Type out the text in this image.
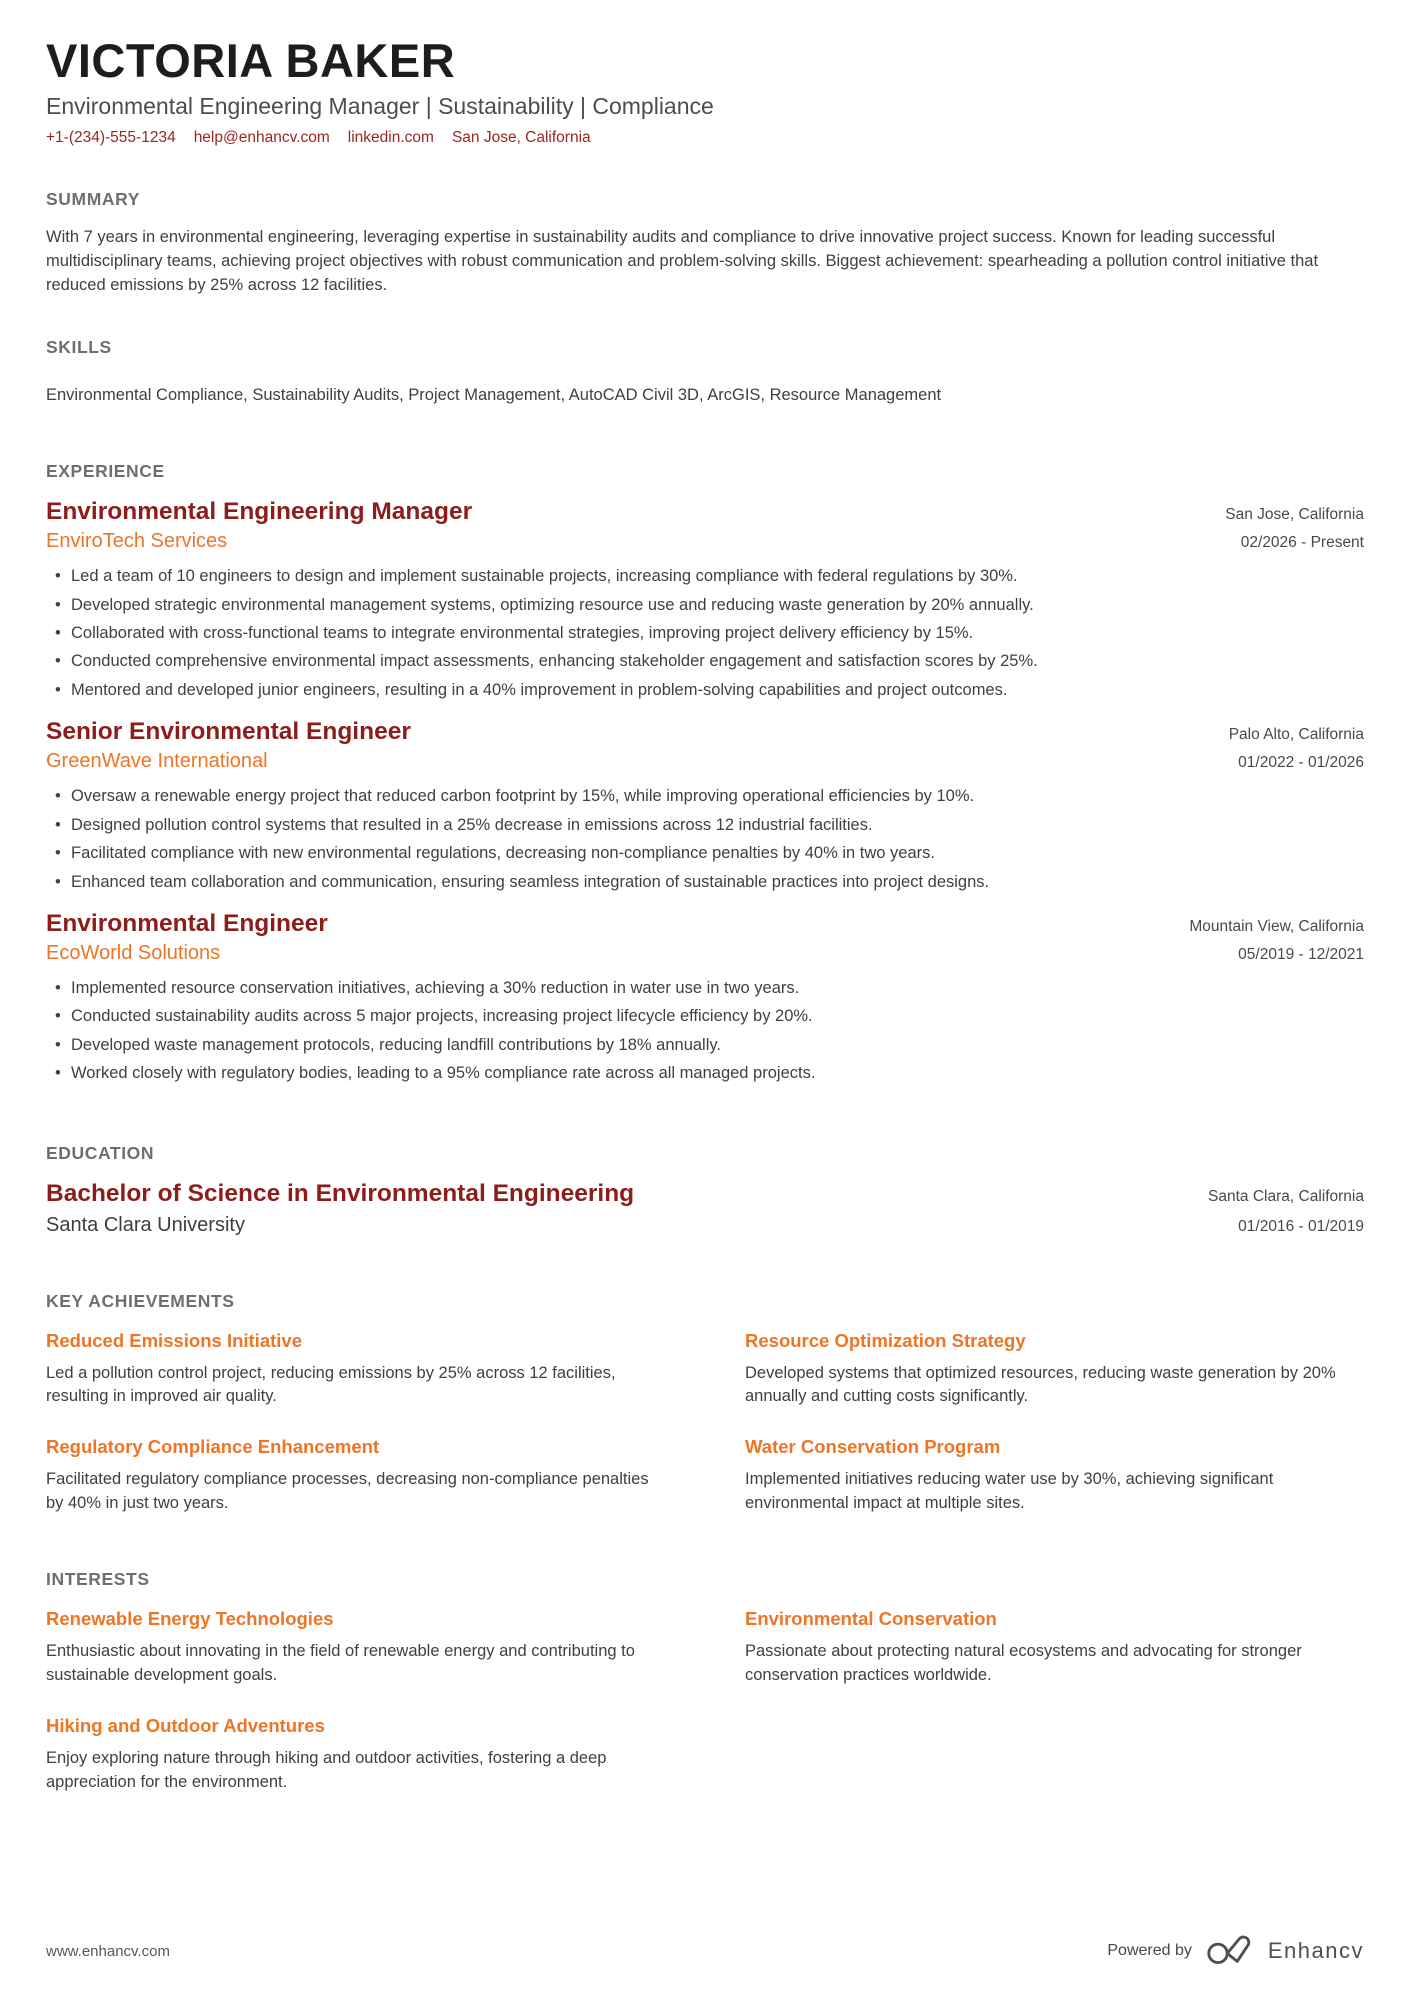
VICTORIA BAKER
Environmental Engineering Manager | Sustainability | Compliance
+1-(234)-555-1234 help@enhancv.com linkedin.com San Jose, California
SUMMARY
With 7 years in environmental engineering, leveraging expertise in sustainability audits and compliance to drive innovative project success. Known for leading successful multidisciplinary teams, achieving project objectives with robust communication and problem-solving skills. Biggest achievement: spearheading a pollution control initiative that reduced emissions by 25% across 12 facilities.
SKILLS
Environmental Compliance, Sustainability Audits, Project Management, AutoCAD Civil 3D, ArcGIS, Resource Management
EXPERIENCE
Environmental Engineering Manager	San Jose, California
EnviroTech Services	02/2026 - Present
• Led a team of 10 engineers to design and implement sustainable projects, increasing compliance with federal regulations by 30%.
• Developed strategic environmental management systems, optimizing resource use and reducing waste generation by 20% annually.
• Collaborated with cross-functional teams to integrate environmental strategies, improving project delivery efficiency by 15%.
• Conducted comprehensive environmental impact assessments, enhancing stakeholder engagement and satisfaction scores by 25%.
• Mentored and developed junior engineers, resulting in a 40% improvement in problem-solving capabilities and project outcomes.
Senior Environmental Engineer	Palo Alto, California
GreenWave International	01/2022 - 01/2026
• Oversaw a renewable energy project that reduced carbon footprint by 15%, while improving operational efficiencies by 10%.
• Designed pollution control systems that resulted in a 25% decrease in emissions across 12 industrial facilities.
• Facilitated compliance with new environmental regulations, decreasing non-compliance penalties by 40% in two years.
• Enhanced team collaboration and communication, ensuring seamless integration of sustainable practices into project designs.
Environmental Engineer	Mountain View, California
EcoWorld Solutions	05/2019 - 12/2021
• Implemented resource conservation initiatives, achieving a 30% reduction in water use in two years.
• Conducted sustainability audits across 5 major projects, increasing project lifecycle efficiency by 20%.
• Developed waste management protocols, reducing landfill contributions by 18% annually.
• Worked closely with regulatory bodies, leading to a 95% compliance rate across all managed projects.
EDUCATION
Bachelor of Science in Environmental Engineering	Santa Clara, California
Santa Clara University	01/2016 - 01/2019
KEY ACHIEVEMENTS
Reduced Emissions Initiative
Led a pollution control project, reducing emissions by 25% across 12 facilities, resulting in improved air quality.
Resource Optimization Strategy
Developed systems that optimized resources, reducing waste generation by 20% annually and cutting costs significantly.
Regulatory Compliance Enhancement
Facilitated regulatory compliance processes, decreasing non-compliance penalties by 40% in just two years.
Water Conservation Program
Implemented initiatives reducing water use by 30%, achieving significant environmental impact at multiple sites.
INTERESTS
Renewable Energy Technologies
Enthusiastic about innovating in the field of renewable energy and contributing to sustainable development goals.
Environmental Conservation
Passionate about protecting natural ecosystems and advocating for stronger conservation practices worldwide.
Hiking and Outdoor Adventures
Enjoy exploring nature through hiking and outdoor activities, fostering a deep appreciation for the environment.
www.enhancv.com	Powered by	Enhancv
